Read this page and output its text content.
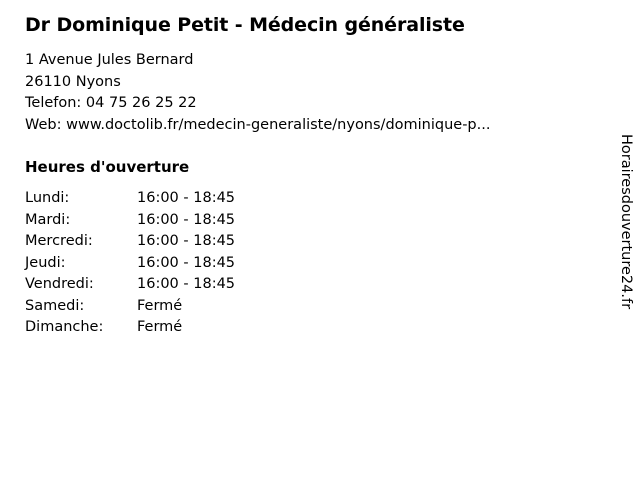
Dr Dominique Petit - Médecin généraliste
1 Avenue Jules Bernard
26110 Nyons
Telefon: 04 75 26 25 22
Web: www.doctolib.fr/medecin-generaliste/nyons/dominique-p...
Heures d'ouverture
Lundi:	16:00 - 18:45
Mardi:	16:00 - 18:45
Mercredi:	16:00 - 18:45
Jeudi:	16:00 - 18:45
Vendredi:	16:00 - 18:45
Samedi:	Fermé
Dimanche:	Fermé
Horairesdouverture24.fr
